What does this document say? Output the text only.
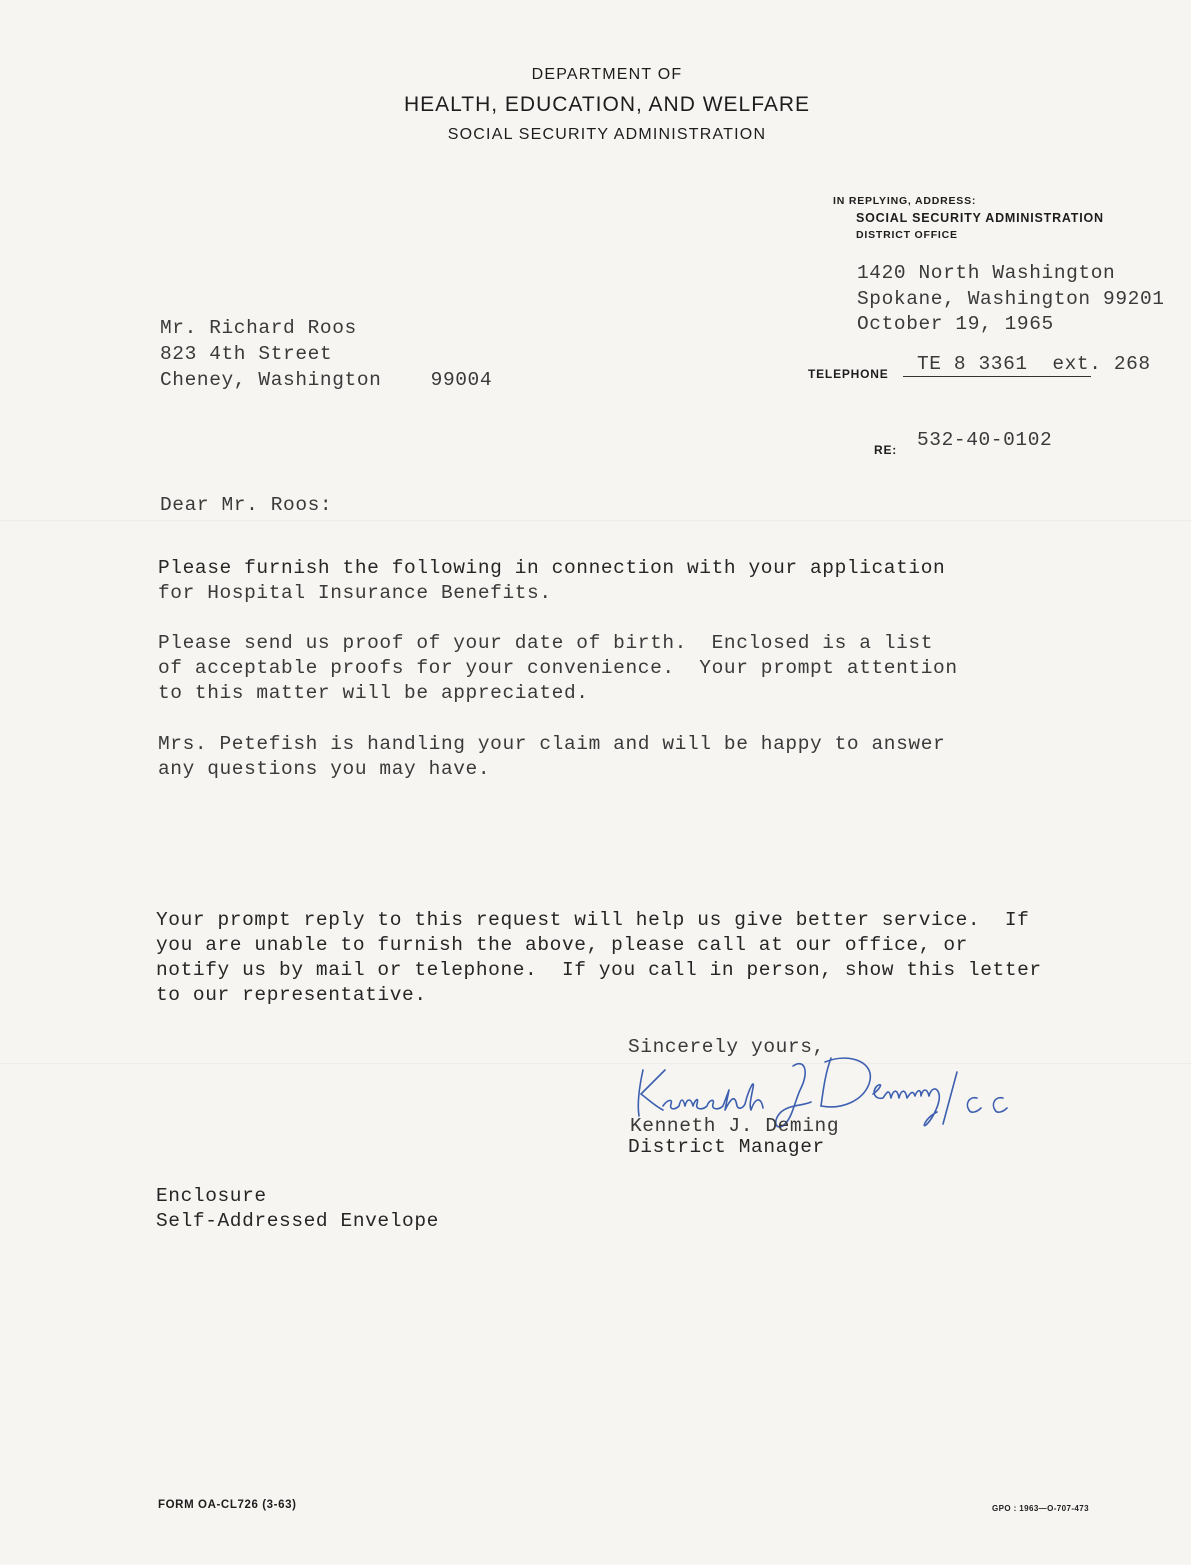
DEPARTMENT OF
HEALTH, EDUCATION, AND WELFARE
SOCIAL SECURITY ADMINISTRATION
IN REPLYING, ADDRESS:
SOCIAL SECURITY ADMINISTRATION
DISTRICT OFFICE
1420 North Washington
Spokane, Washington 99201
October 19, 1965
TELEPHONE TE 8 3361  ext. 268
RE: 532-40-0102
Mr. Richard Roos
823 4th Street
Cheney, Washington    99004
Dear Mr. Roos:
Please furnish the following in connection with your application
for Hospital Insurance Benefits.
Please send us proof of your date of birth.  Enclosed is a list
of acceptable proofs for your convenience.  Your prompt attention
to this matter will be appreciated.
Mrs. Petefish is handling your claim and will be happy to answer
any questions you may have.
Your prompt reply to this request will help us give better service.  If
you are unable to furnish the above, please call at our office, or
notify us by mail or telephone.  If you call in person, show this letter
to our representative.
Sincerely yours,
Kenneth J. Deming
District Manager
Enclosure
Self-Addressed Envelope
FORM OA-CL726 (3-63)	GPO : 1963—O-707-473
